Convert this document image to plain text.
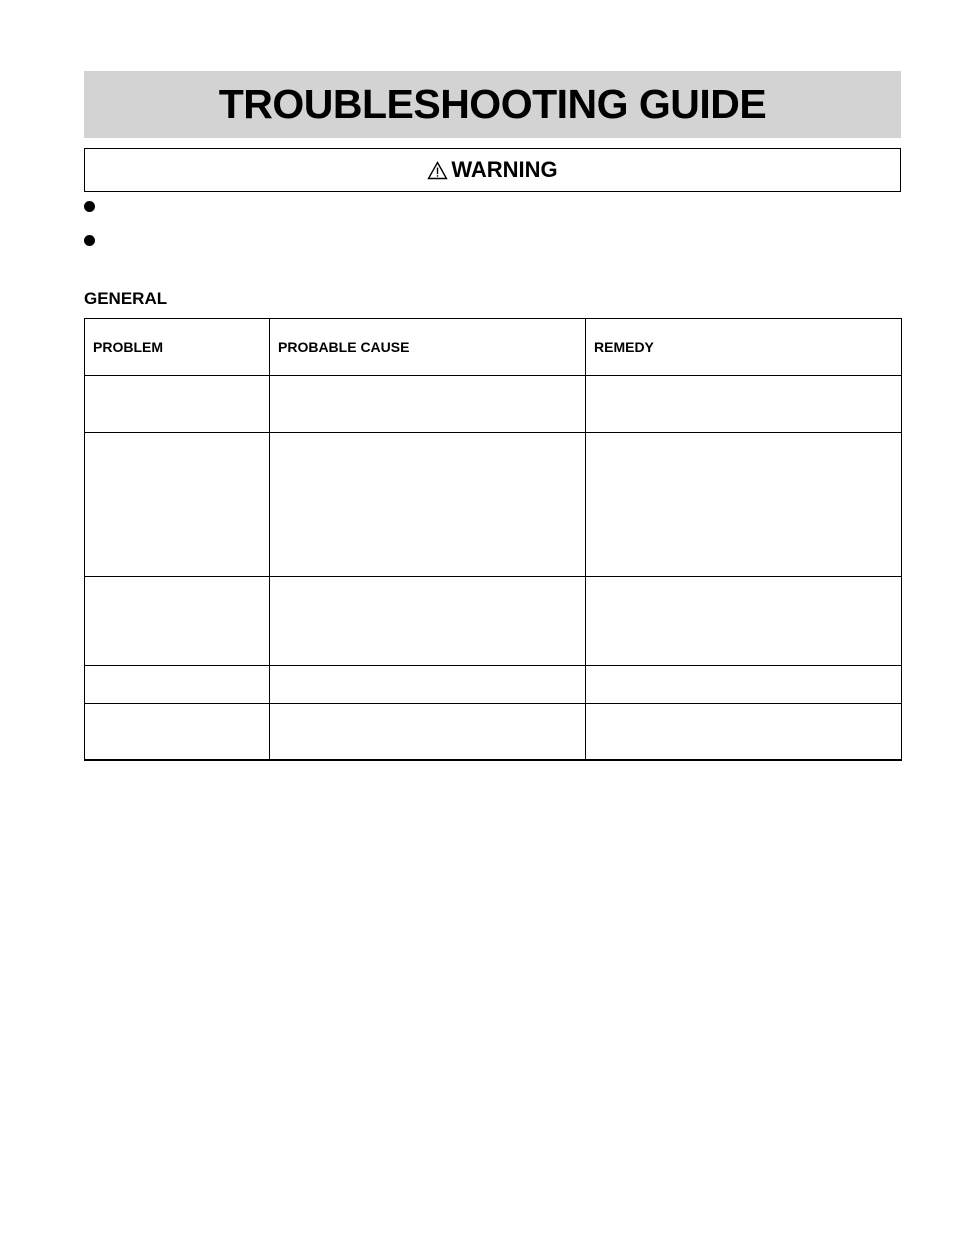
TROUBLESHOOTING GUIDE
WARNING
GENERAL
PROBLEM	PROBABLE CAUSE	REMEDY
